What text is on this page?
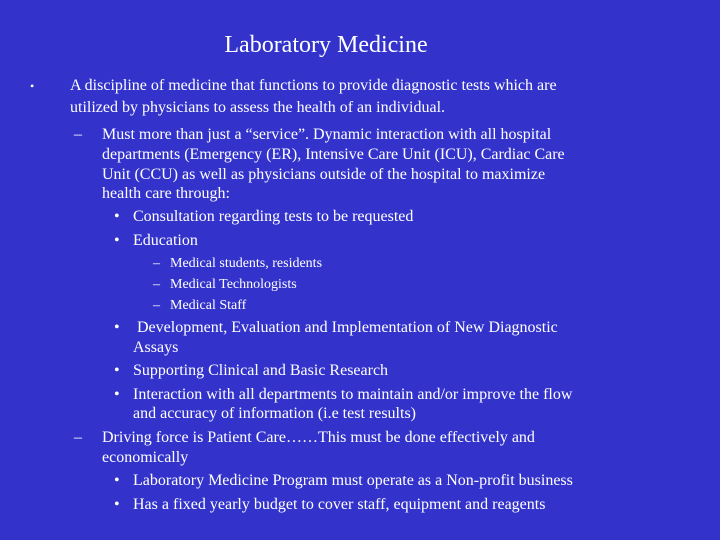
Laboratory Medicine
• A discipline of medicine that functions to provide diagnostic tests which are
utilized by physicians to assess the health of an individual.
– Must more than just a “service”. Dynamic interaction with all hospital
departments (Emergency (ER), Intensive Care Unit (ICU), Cardiac Care
Unit (CCU) as well as physicians outside of the hospital to maximize
health care through:
• Consultation regarding tests to be requested
• Education
– Medical students, residents
– Medical Technologists
– Medical Staff
• Development, Evaluation and Implementation of New Diagnostic
Assays
• Supporting Clinical and Basic Research
• Interaction with all departments to maintain and/or improve the flow
and accuracy of information (i.e test results)
– Driving force is Patient Care……This must be done effectively and
economically
• Laboratory Medicine Program must operate as a Non-profit business
• Has a fixed yearly budget to cover staff, equipment and reagents
